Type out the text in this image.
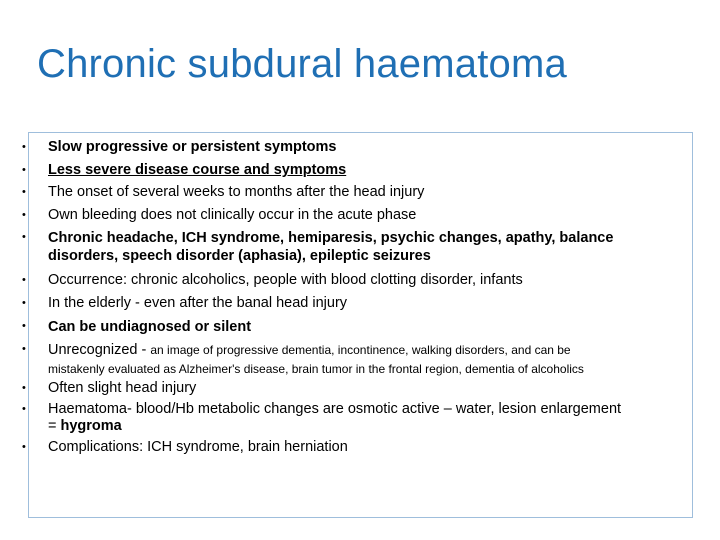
Chronic subdural haematoma
•
•
•
•
•
•
•
•
•
•
•
•
Slow progressive or persistent symptoms
Less severe disease course and symptoms
The onset of several weeks to months after the head injury
Own bleeding does not clinically occur in the acute phase
Chronic headache, ICH syndrome, hemiparesis, psychic changes, apathy, balance
disorders, speech disorder (aphasia), epileptic seizures
Occurrence: chronic alcoholics, people with blood clotting disorder, infants
In the elderly - even after the banal head injury
Can be undiagnosed or silent
Unrecognized - an image of progressive dementia, incontinence, walking disorders, and can be
mistakenly evaluated as Alzheimer's disease, brain tumor in the frontal region, dementia of alcoholics
Often slight head injury
Haematoma- blood/Hb metabolic changes are osmotic active – water, lesion enlargement
= hygroma
Complications: ICH syndrome, brain herniation
